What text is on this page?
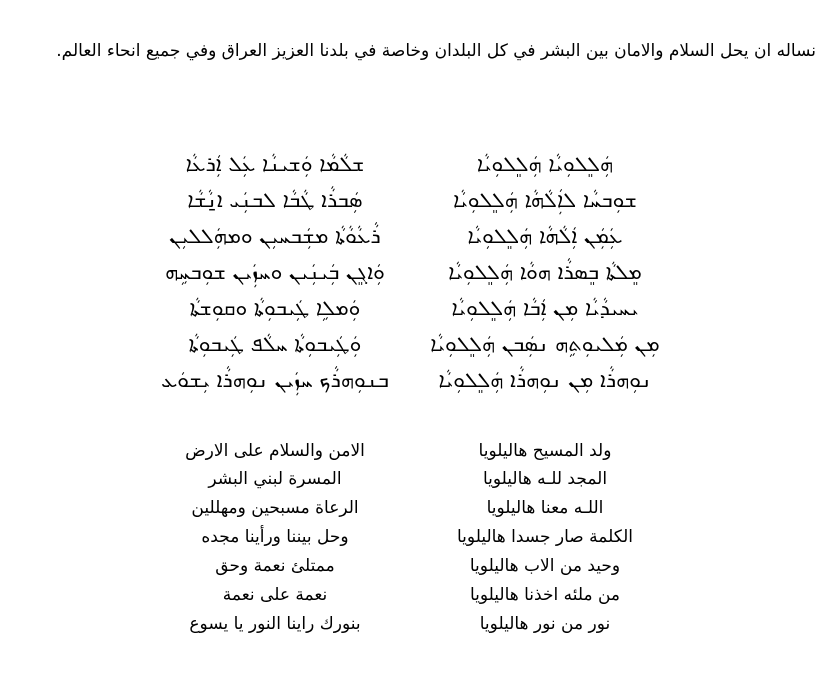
نساله ان يحل السلام والامان بين البشر في كل البلدان وخاصة في بلدنا العزيز العراق وفي جميع انحاء العالم.
ܗܲܠܸܠܘܼܝܵܐ ܗܲܠܸܠܘܼܝܵܐ
ܫܘܼܒܚܵܐ ܠܐܲܠܵܗܵܐ ܗܲܠܸܠܘܼܝܵܐ
ܥܲܡܲܢ ܐܲܠܵܗܵܐ ܗܲܠܸܠܘܼܝܵܐ
ܡܸܠܬܵܐ ܒܸܣܪܵܐ ܗܘܵܐ ܗܲܠܸܠܘܼܝܵܐ
ܝܚܝܕܵܝܵܐ ܡܼܢ ܐܲܒܵܐ ܗܲܠܸܠܘܼܝܵܐ
ܡܼܢ ܡܲܠܝܘܼܬܹܗ ܢܣܲܒܢ ܗܲܠܸܠܘܼܝܵܐ
ܢܘܼܗܪܵܐ ܡܼܢ ܢܘܼܗܪܵܐ ܗܲܠܸܠܘܼܝܵܐ
ܫܠܵܡܵܐ ܘܲܫܝܢܵܐ ܥܲܠ ܐܲܪܥܵܐ
ܣܲܒܪܵܐ ܛܵܒܵܐ ܠܒܢܲܝ ܐ̱ܢܵܫܵܐ
ܪܵܥܵܘܵܬܵܐ ܡܫܲܒܚܝܼܢ ܘܡܗܲܠܠܝܼܢ
ܘܲܐܓܸܢ ܒܲܝܢܲܝܢ ܘܚܙܲܝܢ ܫܘܼܒܚܹܗ
ܘܲܡܠܹܐ ܛܲܝܒܘܼܬܵܐ ܘܩܘܼܫܬܵܐ
ܘܲܛܲܝܒܘܼܬܵܐ ܚܠܵܦ ܛܲܝܒܘܼܬܵܐ
ܒܢܘܼܗܪܵܟ ܚܙܲܝܢ ܢܘܼܗܪܵܐ ܝܼܫܘܿܥ
ولد المسيح هاليلويا
المجد للـه هاليلويا
اللـه معنا هاليلويا
الكلمة صار جسدا هاليلويا
وحيد من الاب هاليلويا
من ملئه اخذنا هاليلويا
نور من نور هاليلويا
الامن والسلام على الارض
المسرة لبني البشر
الرعاة مسبحين ومهللين
وحل بيننا ورأينا مجده
ممتلئ نعمة وحق
نعمة على نعمة
بنورك راينا النور يا يسوع
